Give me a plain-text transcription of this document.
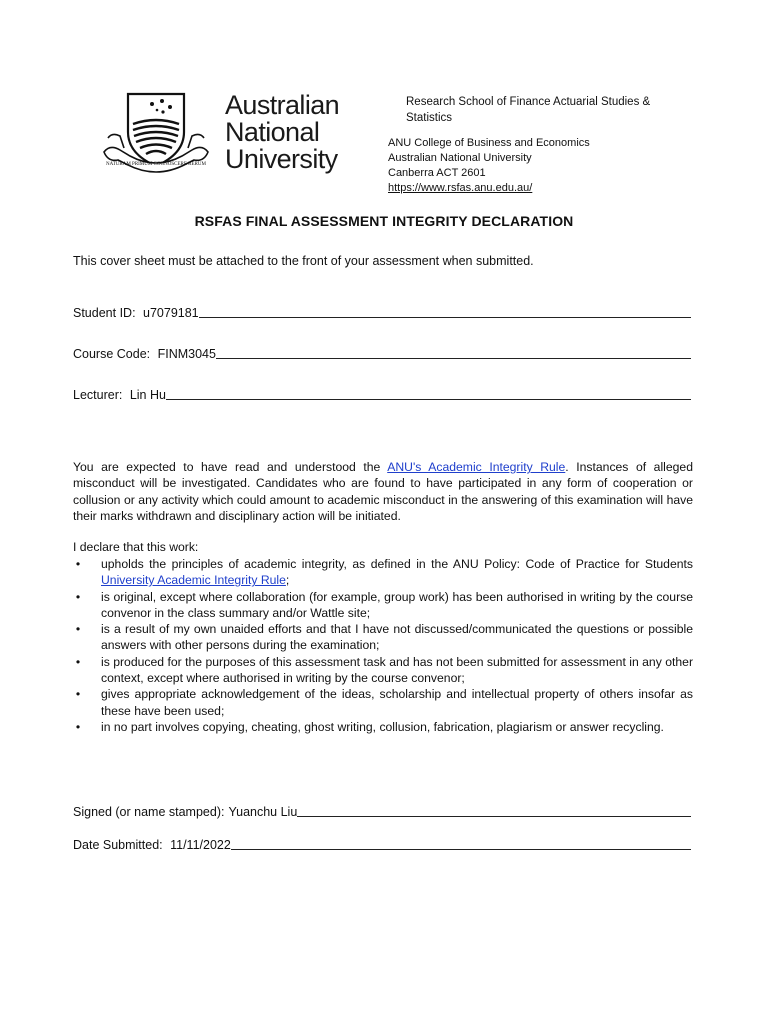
NATURAM PRIMUM COGNOSCERE RERUM
Australian
National
University
Research School of Finance Actuarial Studies & Statistics
ANU College of Business and Economics
Australian National University
Canberra ACT 2601
https://www.rsfas.anu.edu.au/
RSFAS FINAL ASSESSMENT INTEGRITY DECLARATION
This cover sheet must be attached to the front of your assessment when submitted.
Student ID: u7079181
Course Code: FINM3045
Lecturer: Lin Hu
You are expected to have read and understood the ANU's Academic Integrity Rule. Instances of alleged misconduct will be investigated. Candidates who are found to have participated in any form of cooperation or collusion or any activity which could amount to academic misconduct in the answering of this examination will have their marks withdrawn and disciplinary action will be initiated.
I declare that this work:
• upholds the principles of academic integrity, as defined in the ANU Policy: Code of Practice for Students University Academic Integrity Rule;
• is original, except where collaboration (for example, group work) has been authorised in writing by the course convenor in the class summary and/or Wattle site;
• is a result of my own unaided efforts and that I have not discussed/communicated the questions or possible answers with other persons during the examination;
• is produced for the purposes of this assessment task and has not been submitted for assessment in any other context, except where authorised in writing by the course convenor;
• gives appropriate acknowledgement of the ideas, scholarship and intellectual property of others insofar as these have been used;
• in no part involves copying, cheating, ghost writing, collusion, fabrication, plagiarism or answer recycling.
Signed (or name stamped): Yuanchu Liu
Date Submitted: 11/11/2022
